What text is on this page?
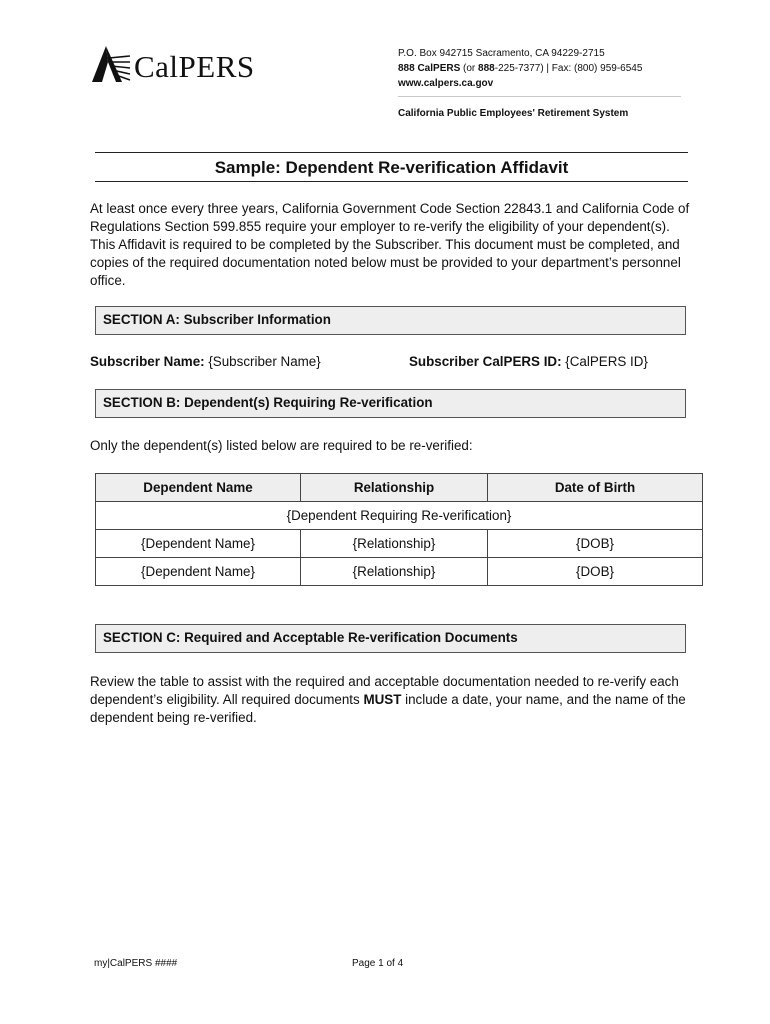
CalPERS	P.O. Box 942715 Sacramento, CA 94229-2715
888 CalPERS (or 888-225-7377) | Fax: (800) 959-6545
www.calpers.ca.gov
California Public Employees' Retirement System
Sample: Dependent Re-verification Affidavit
At least once every three years, California Government Code Section 22843.1 and California Code of Regulations Section 599.855 require your employer to re-verify the eligibility of your dependent(s). This Affidavit is required to be completed by the Subscriber. This document must be completed, and copies of the required documentation noted below must be provided to your department’s personnel office.
SECTION A: Subscriber Information
Subscriber Name: {Subscriber Name}	Subscriber CalPERS ID: {CalPERS ID}
SECTION B: Dependent(s) Requiring Re-verification
Only the dependent(s) listed below are required to be re-verified:
Dependent Name	Relationship	Date of Birth
{Dependent Requiring Re-verification}		
{Dependent Name}	{Relationship}	{DOB}
{Dependent Name}	{Relationship}	{DOB}
SECTION C: Required and Acceptable Re-verification Documents
Review the table to assist with the required and acceptable documentation needed to re-verify each dependent’s eligibility. All required documents MUST include a date, your name, and the name of the dependent being re-verified.
my|CalPERS ####	Page 1 of 4
